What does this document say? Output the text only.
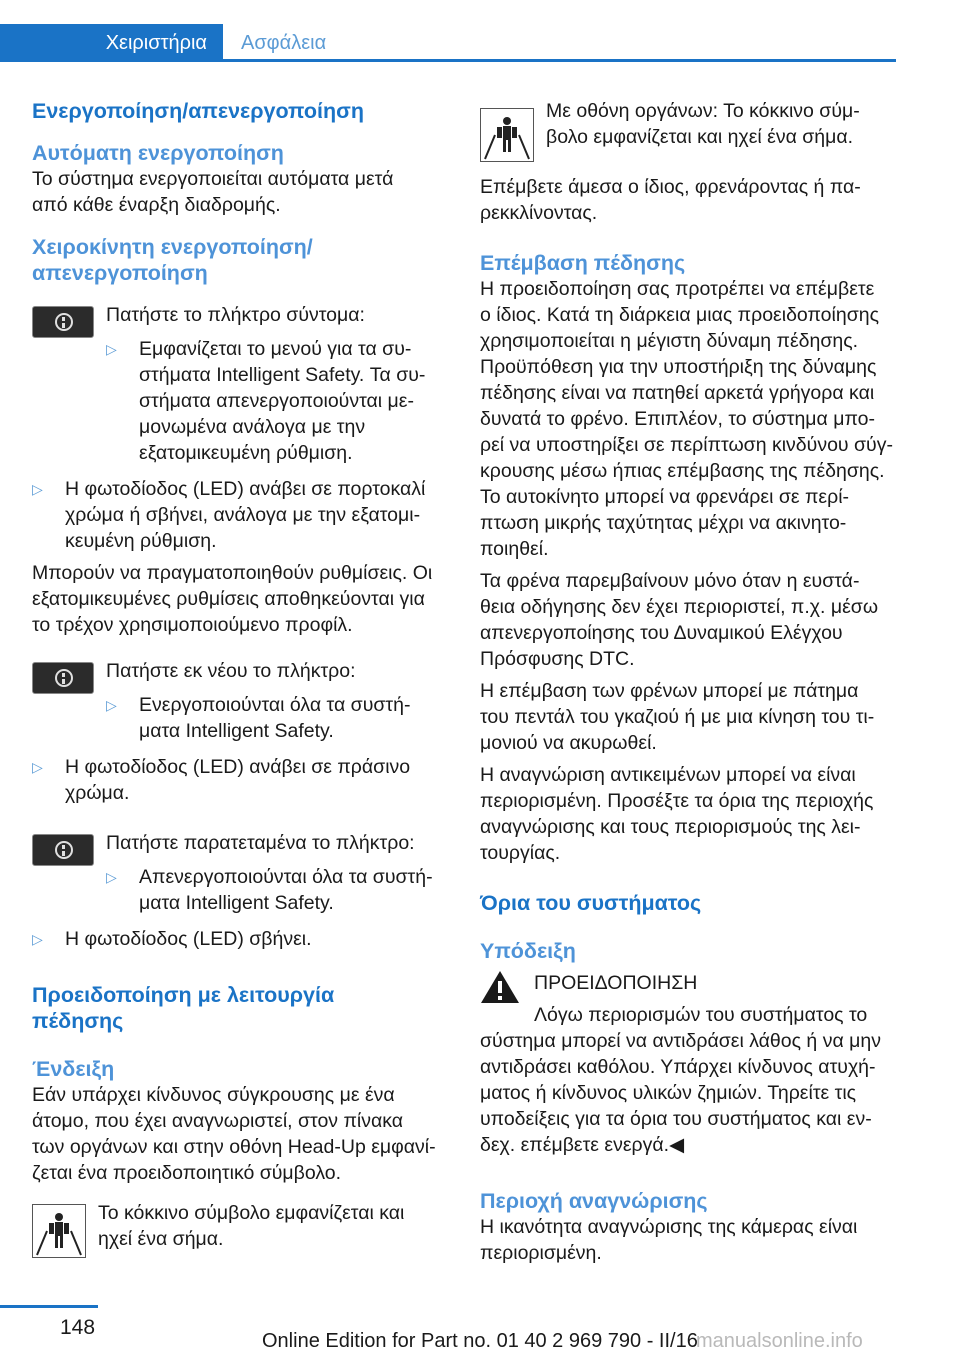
Χειριστήρια	Ασφάλεια

Ενεργοποίηση/απενεργοποίηση

Αυτόματη ενεργοποίηση

Το σύστημα ενεργοποιείται αυτόματα μετά

από κάθε έναρξη διαδρομής.

Χειροκίνητη ενεργοποίηση/

απενεργοποίηση

Πατήστε το πλήκτρο σύντομα:

▷ Εμφανίζεται το μενού για τα συ-

στήματα Intelligent Safety. Τα συ-

στήματα απενεργοποιούνται με-

μονωμένα ανάλογα με την

εξατομικευμένη ρύθμιση.

▷ Η φωτοδίοδος (LED) ανάβει σε πορτοκαλί

χρώμα ή σβήνει, ανάλογα με την εξατομι-

κευμένη ρύθμιση.

Μπορούν να πραγματοποιηθούν ρυθμίσεις. Οι

εξατομικευμένες ρυθμίσεις αποθηκεύονται για

το τρέχον χρησιμοποιούμενο προφίλ.

Πατήστε εκ νέου το πλήκτρο:

▷ Ενεργοποιούνται όλα τα συστή-

ματα Intelligent Safety.

▷ Η φωτοδίοδος (LED) ανάβει σε πράσινο

χρώμα.

Πατήστε παρατεταμένα το πλήκτρο:

▷ Απενεργοποιούνται όλα τα συστή-

ματα Intelligent Safety.

▷ Η φωτοδίοδος (LED) σβήνει.

Προειδοποίηση με λειτουργία

πέδησης

Ένδειξη

Εάν υπάρχει κίνδυνος σύγκρουσης με ένα

άτομο, που έχει αναγνωριστεί, στον πίνακα

των οργάνων και στην οθόνη Head-Up εμφανί-

ζεται ένα προειδοποιητικό σύμβολο.

Το κόκκινο σύμβολο εμφανίζεται και

ηχεί ένα σήμα.

Με οθόνη οργάνων: Το κόκκινο σύμ-

βολο εμφανίζεται και ηχεί ένα σήμα.

Επέμβετε άμεσα ο ίδιος, φρενάροντας ή πα-

ρεκκλίνοντας.

Επέμβαση πέδησης

Η προειδοποίηση σας προτρέπει να επέμβετε

ο ίδιος. Κατά τη διάρκεια μιας προειδοποίησης

χρησιμοποιείται η μέγιστη δύναμη πέδησης.

Προϋπόθεση για την υποστήριξη της δύναμης

πέδησης είναι να πατηθεί αρκετά γρήγορα και

δυνατά το φρένο. Επιπλέον, το σύστημα μπο-

ρεί να υποστηρίξει σε περίπτωση κινδύνου σύγ-

κρουσης μέσω ήπιας επέμβασης της πέδησης.

Το αυτοκίνητο μπορεί να φρενάρει σε περί-

πτωση μικρής ταχύτητας μέχρι να ακινητο-

ποιηθεί.

Τα φρένα παρεμβαίνουν μόνο όταν η ευστά-

θεια οδήγησης δεν έχει περιοριστεί, π.χ. μέσω

απενεργοποίησης του Δυναμικού Ελέγχου

Πρόσφυσης DTC.

Η επέμβαση των φρένων μπορεί με πάτημα

του πεντάλ του γκαζιού ή με μια κίνηση του τι-

μονιού να ακυρωθεί.

Η αναγνώριση αντικειμένων μπορεί να είναι

περιορισμένη. Προσέξτε τα όρια της περιοχής

αναγνώρισης και τους περιορισμούς της λει-

τουργίας.

Όρια του συστήματος

Υπόδειξη

ΠΡΟΕΙΔΟΠΟΙΗΣΗ

Λόγω περιορισμών του συστήματος το

σύστημα μπορεί να αντιδράσει λάθος ή να μην

αντιδράσει καθόλου. Υπάρχει κίνδυνος ατυχή-

ματος ή κίνδυνος υλικών ζημιών. Τηρείτε τις

υποδείξεις για τα όρια του συστήματος και εν-

δεχ. επέμβετε ενεργά.◀

Περιοχή αναγνώρισης

Η ικανότητα αναγνώρισης της κάμερας είναι

περιορισμένη.

148
Online Edition for Part no. 01 40 2 969 790 - II/16
manualsonline.info
